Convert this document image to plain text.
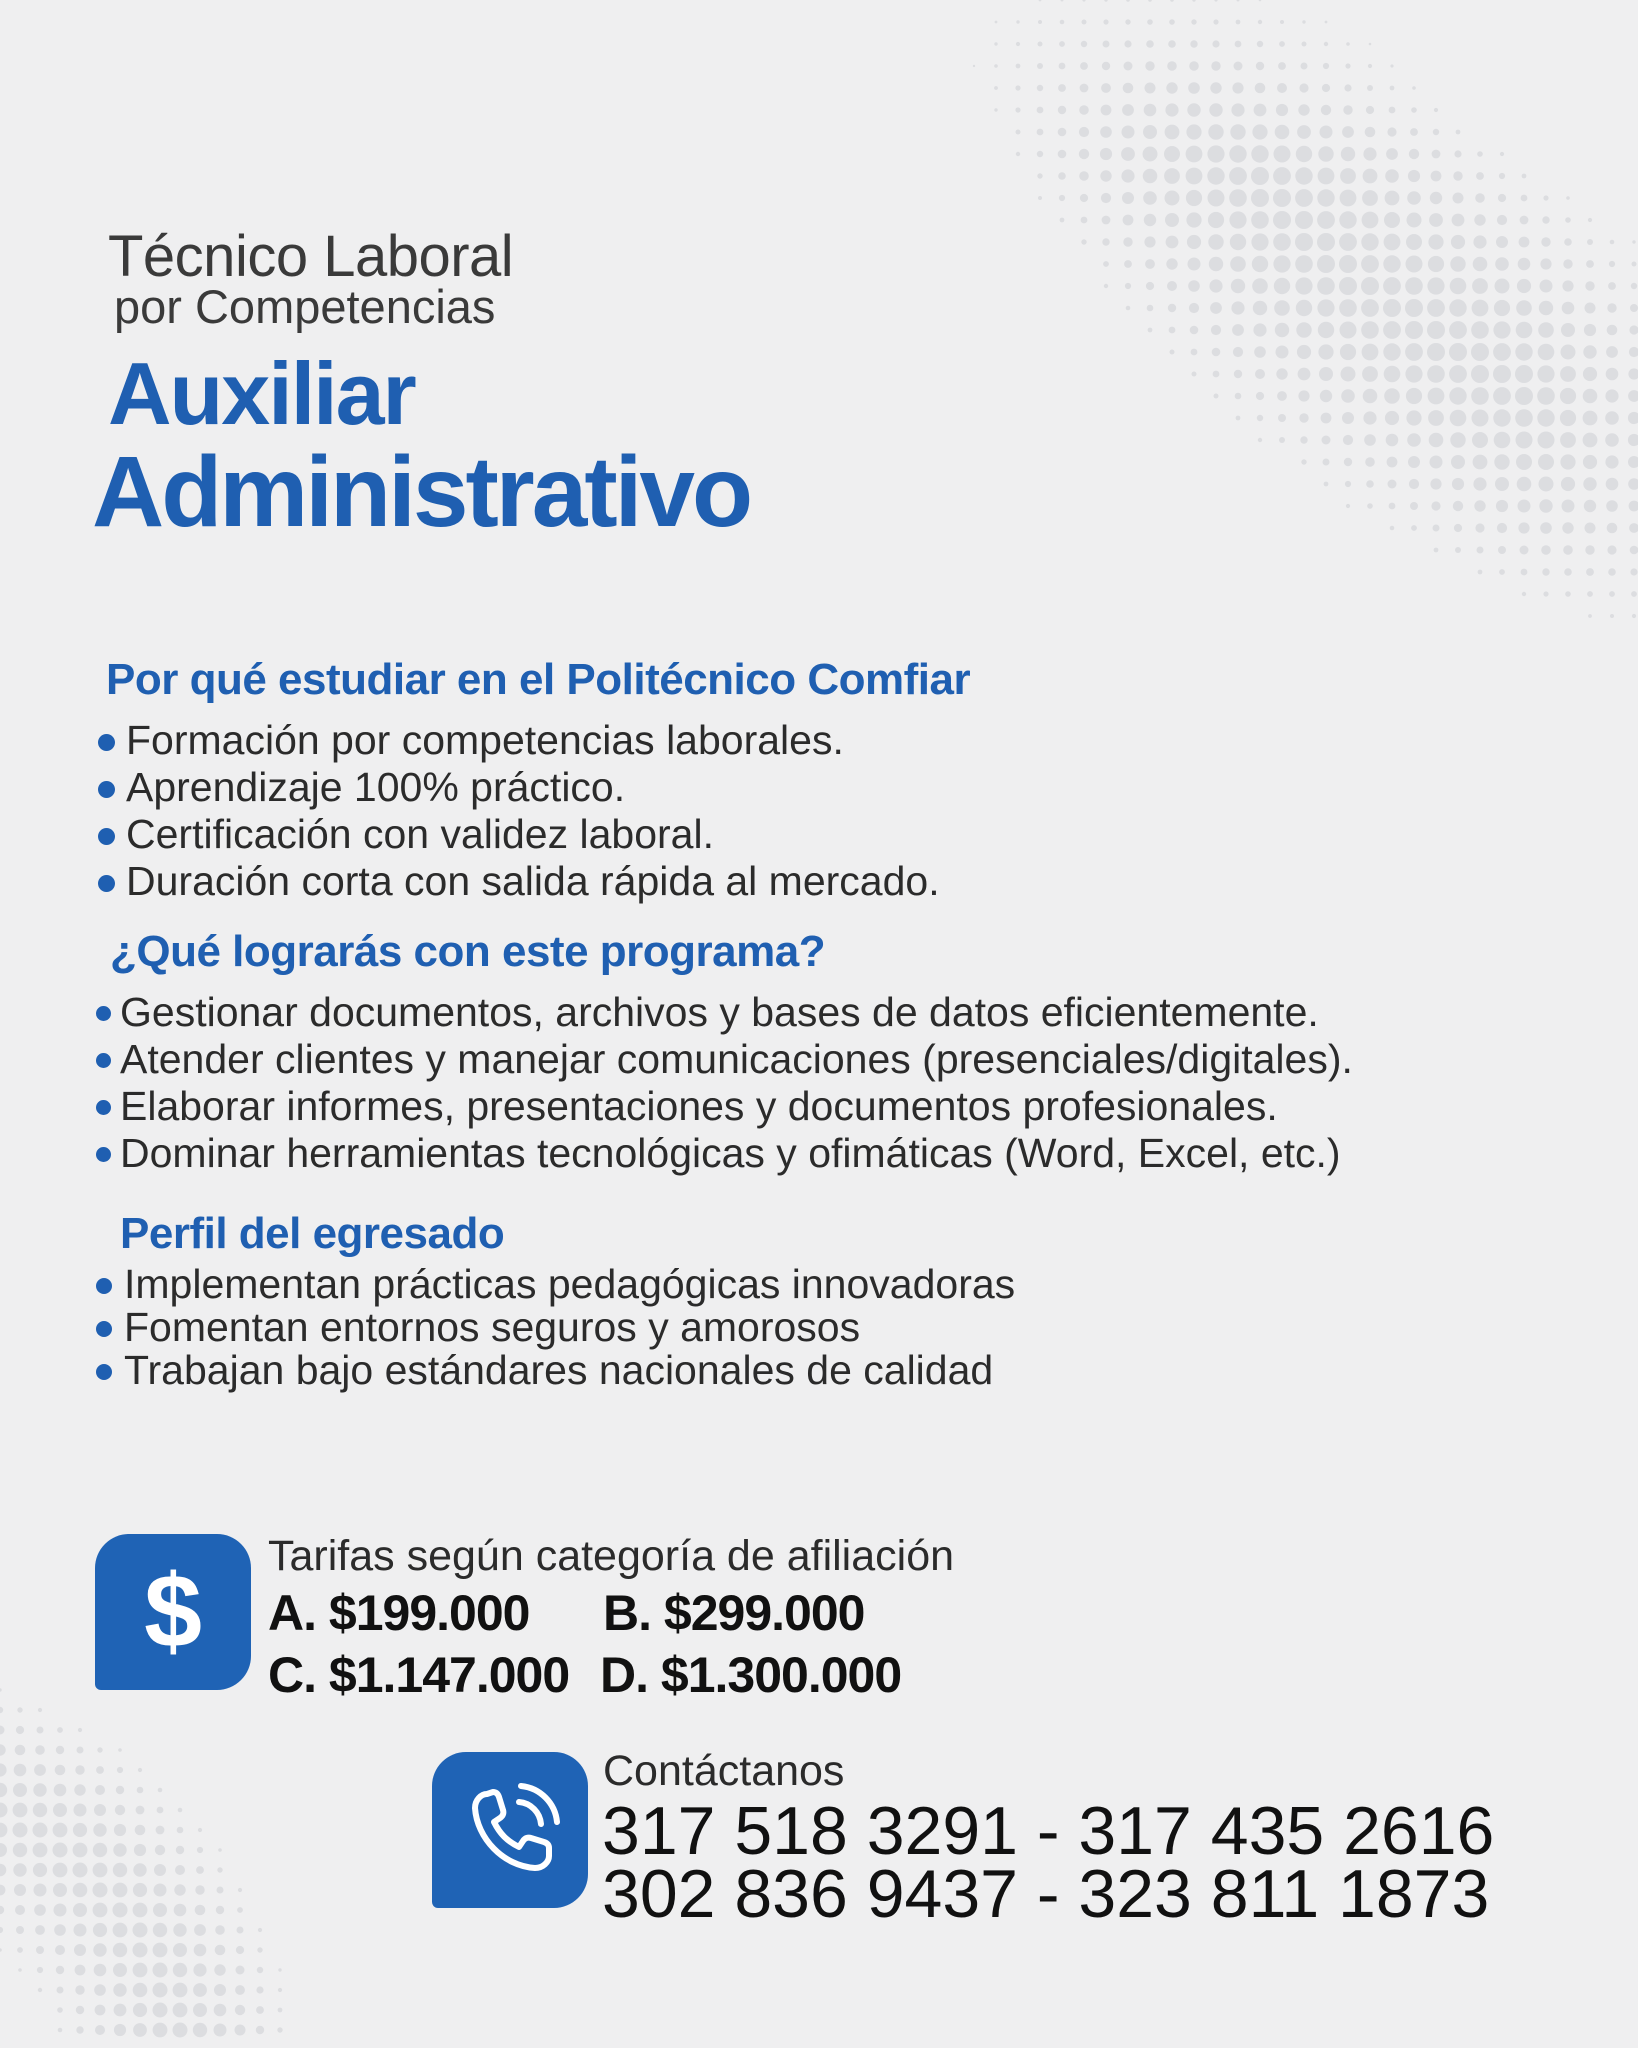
Técnico Laboral
por Competencias
Auxiliar
Administrativo
Por qué estudiar en el Politécnico Comfiar
Formación por competencias laborales.
Aprendizaje 100% práctico.
Certificación con validez laboral.
Duración corta con salida rápida al mercado.
¿Qué lograrás con este programa?
Gestionar documentos, archivos y bases de datos eficientemente.
Atender clientes y manejar comunicaciones (presenciales/digitales).
Elaborar informes, presentaciones y documentos profesionales.
Dominar herramientas tecnológicas y ofimáticas (Word, Excel, etc.)
Perfil del egresado
Implementan prácticas pedagógicas innovadoras
Fomentan entornos seguros y amorosos
Trabajan bajo estándares nacionales de calidad
$	Tarifas según categoría de afiliación
A. $199.000 B. $299.000
C. $1.147.000 D. $1.300.000
Contáctanos
317 518 3291 - 317 435 2616
302 836 9437 - 323 811 1873
